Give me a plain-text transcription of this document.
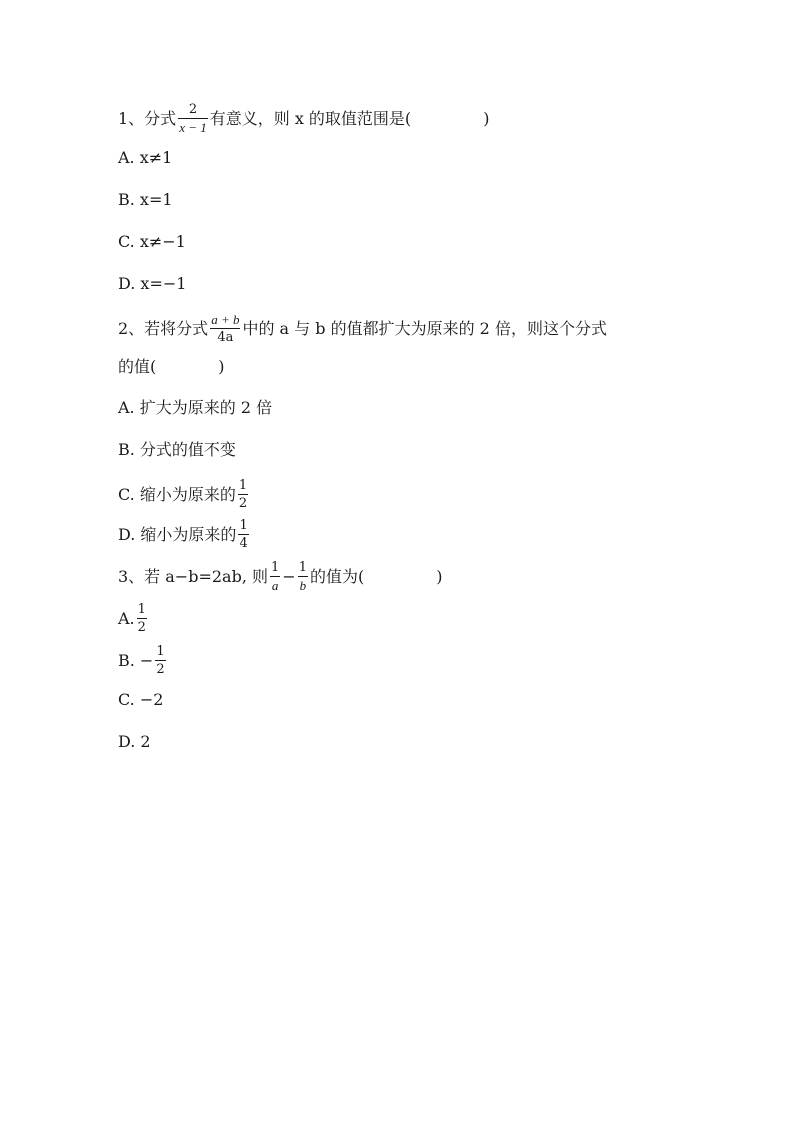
1、分式 $\frac{2}{x - 1}$ 有意义，则 x 的取值范围是(	)
A. x≠1
B. x=1
C. x≠−1
D. x=−1
2、若将分式 $\frac{a + b}{4a}$ 中的 a 与 b 的值都扩大为原来的 2 倍，则这个分式
的值(	)
A. 扩大为原来的 2 倍
B. 分式的值不变
C. 缩小为原来的 $\frac{1}{2}$
D. 缩小为原来的 $\frac{1}{4}$
3、若 a−b=2ab, 则 $\frac{1}{a} - \frac{1}{b}$ 的值为(	)
A. $\frac{1}{2}$
B. − $\frac{1}{2}$
C. −2
D. 2
